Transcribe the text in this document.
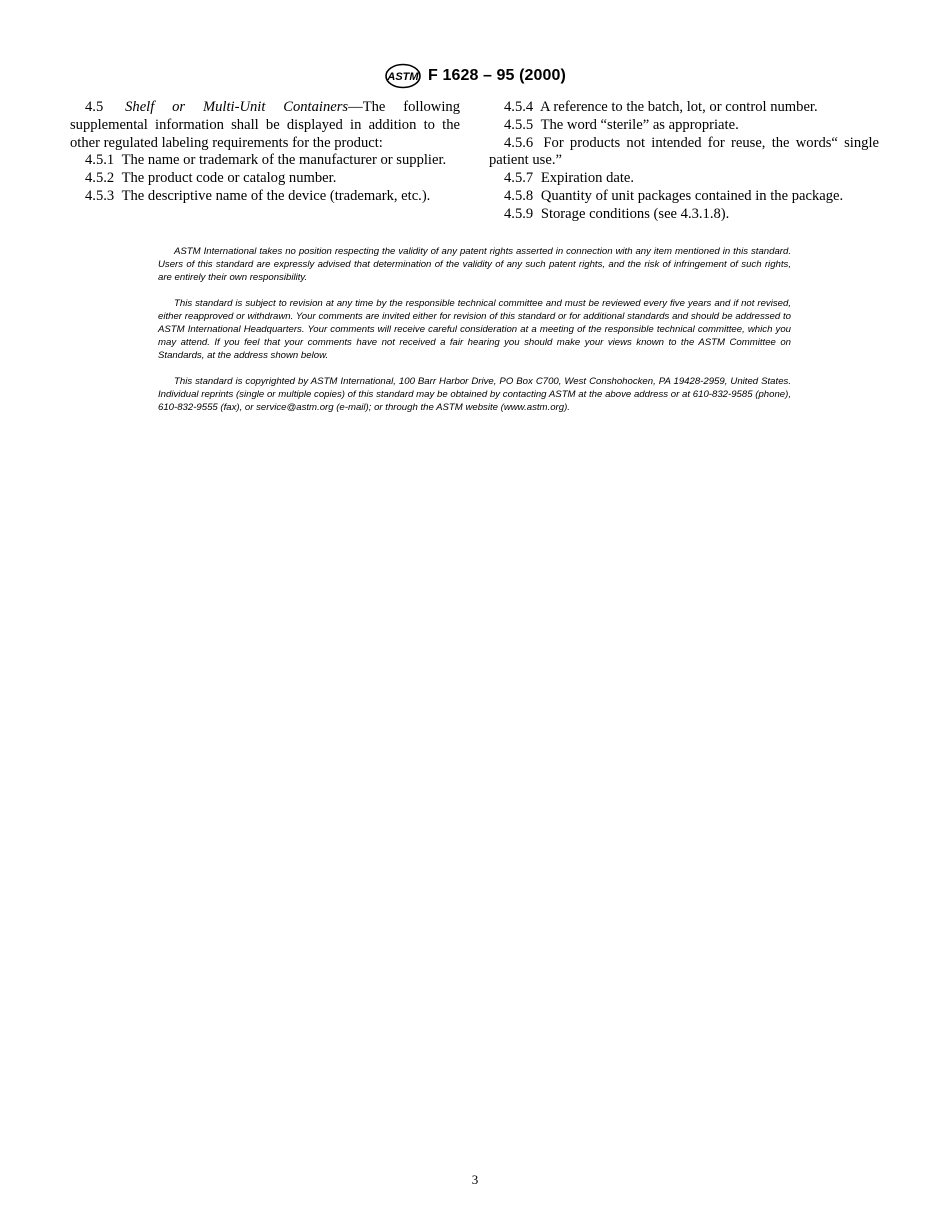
ASTM F 1628 – 95 (2000)

4.5 Shelf or Multi-Unit Containers—The following supplemental information shall be displayed in addition to the other regulated labeling requirements for the product:

4.5.1 The name or trademark of the manufacturer or supplier.

4.5.2 The product code or catalog number.

4.5.3 The descriptive name of the device (trademark, etc.).

4.5.4 A reference to the batch, lot, or control number.

4.5.5 The word “sterile” as appropriate.

4.5.6 For products not intended for reuse, the words“ single patient use.”

4.5.7 Expiration date.

4.5.8 Quantity of unit packages contained in the package.

4.5.9 Storage conditions (see 4.3.1.8).

ASTM International takes no position respecting the validity of any patent rights asserted in connection with any item mentioned in this standard. Users of this standard are expressly advised that determination of the validity of any such patent rights, and the risk of infringement of such rights, are entirely their own responsibility.

This standard is subject to revision at any time by the responsible technical committee and must be reviewed every five years and if not revised, either reapproved or withdrawn. Your comments are invited either for revision of this standard or for additional standards and should be addressed to ASTM International Headquarters. Your comments will receive careful consideration at a meeting of the responsible technical committee, which you may attend. If you feel that your comments have not received a fair hearing you should make your views known to the ASTM Committee on Standards, at the address shown below.

This standard is copyrighted by ASTM International, 100 Barr Harbor Drive, PO Box C700, West Conshohocken, PA 19428-2959, United States. Individual reprints (single or multiple copies) of this standard may be obtained by contacting ASTM at the above address or at 610-832-9585 (phone), 610-832-9555 (fax), or service@astm.org (e-mail); or through the ASTM website (www.astm.org).

3
